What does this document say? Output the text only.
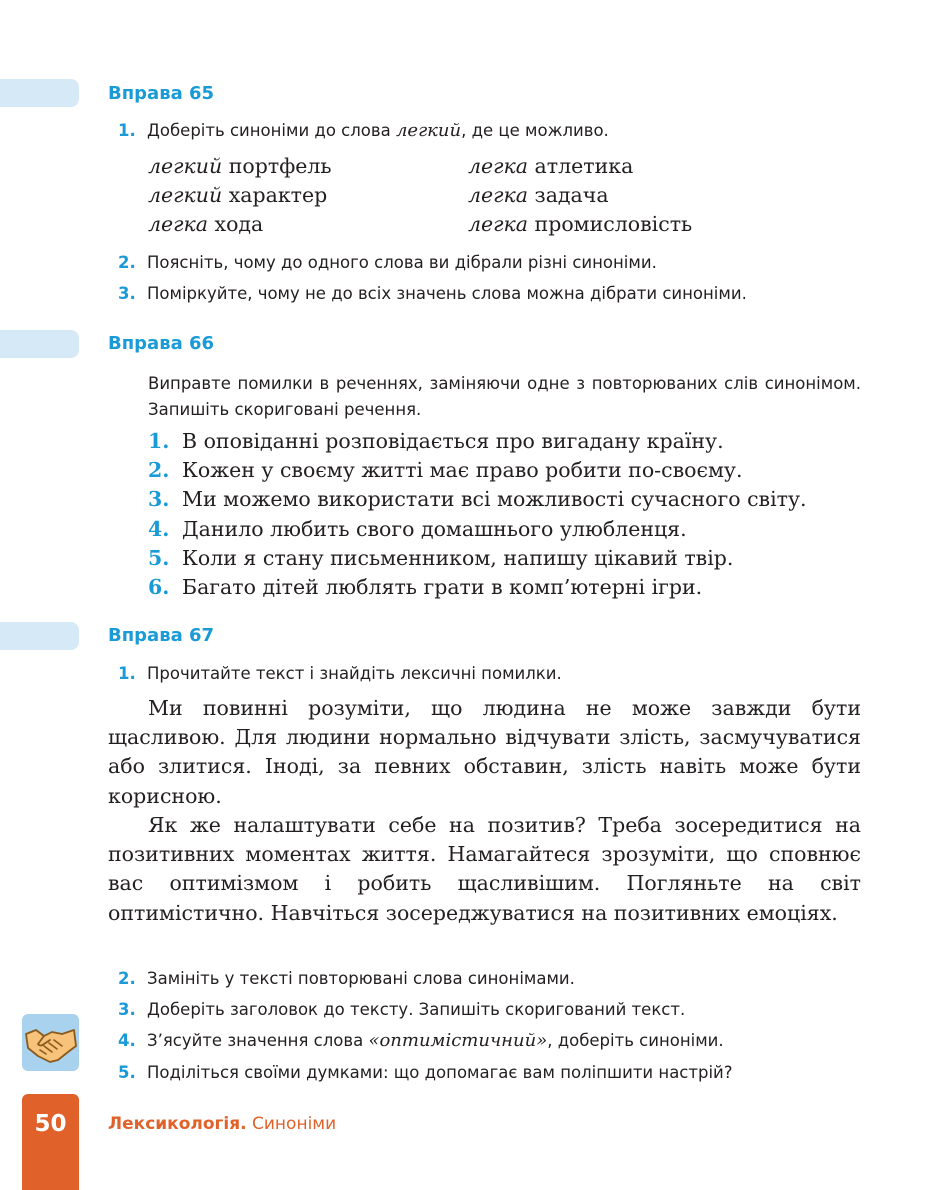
Вправа 65

1. Доберіть синоніми до слова легкий, де це можливо.

легкий портфель	легка атлетика
легкий характер	легка задача
легка хода	легка промисловість

2. Поясніть, чому до одного слова ви дібрали різні синоніми.

3. Поміркуйте, чому не до всіх значень слова можна дібрати синоніми.

Вправа 66

Виправте помилки в реченнях, заміняючи одне з повторюваних слів синонімом. Запишіть скориговані речення.

1. В оповіданні розповідається про вигадану країну.
2. Кожен у своєму житті має право робити по-своєму.
3. Ми можемо використати всі можливості сучасного світу.
4. Данило любить свого домашнього улюбленця.
5. Коли я стану письменником, напишу цікавий твір.
6. Багато дітей люблять грати в комп’ютерні ігри.
Вправа 67

1. Прочитайте текст і знайдіть лексичні помилки.

Ми повинні розуміти, що людина не може завжди бути щасливою. Для людини нормально відчувати злість, засмучуватися або злитися. Іноді, за певних обставин, злість навіть може бути корисною.

Як же налаштувати себе на позитив? Треба зосередитися на позитивних моментах життя. Намагайтеся зрозуміти, що сповнює вас оптимізмом і робить щасливішим. Погляньте на світ оптимістично. Навчіться зосереджуватися на позитивних емоціях.

2. Замініть у тексті повторювані слова синонімами.

3. Доберіть заголовок до тексту. Запишіть скоригований текст.

4. З’ясуйте значення слова «оптимістичний», доберіть синоніми.

5. Поділіться своїми думками: що допомагає вам поліпшити настрій?

50	Лексикологія. Синоніми
